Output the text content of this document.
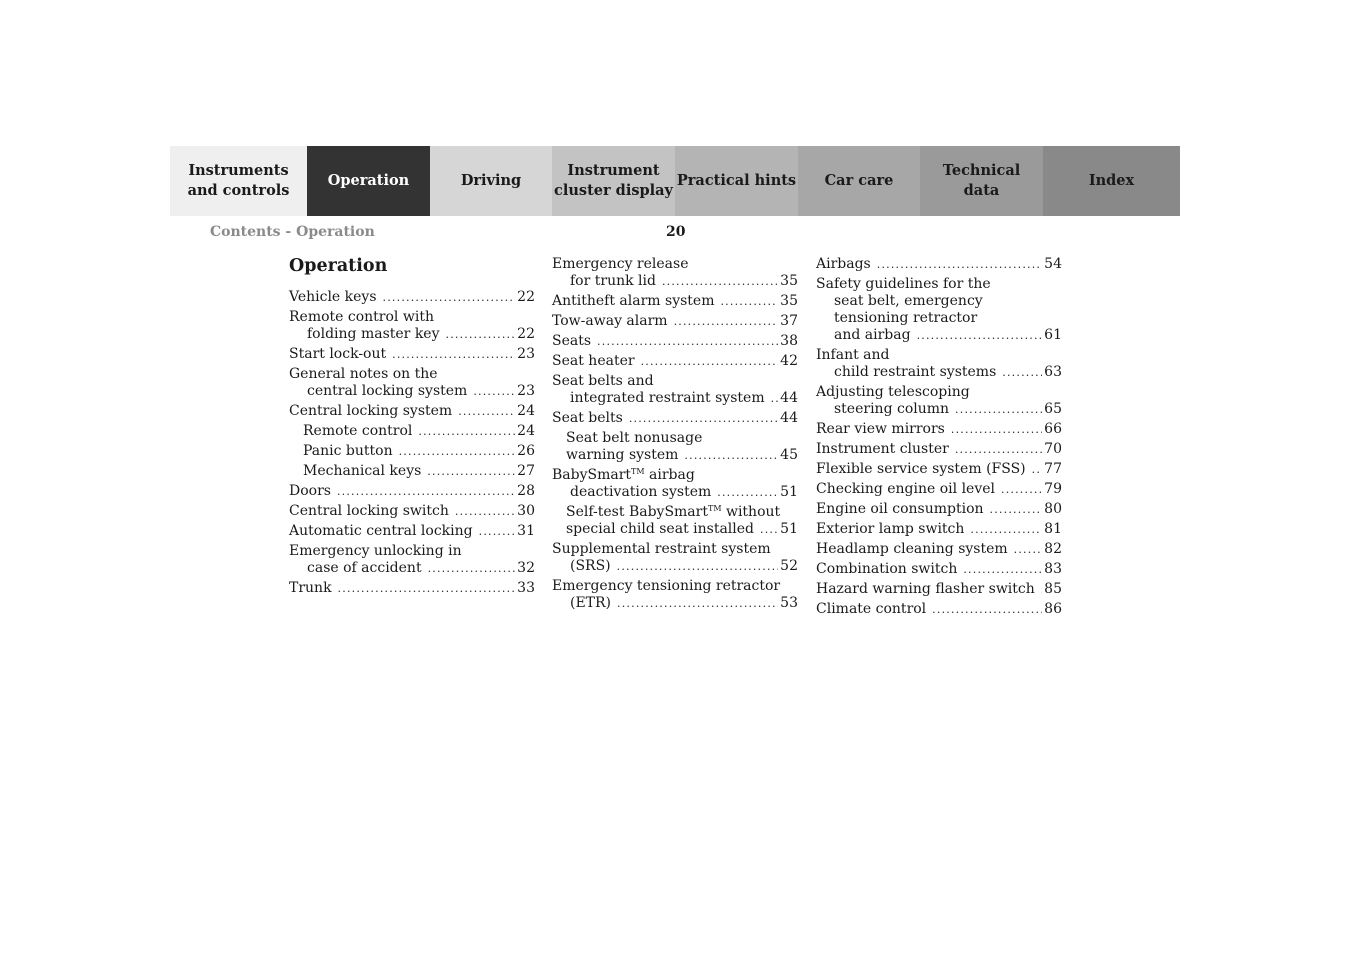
Instruments
and controls
Operation	Driving
Instrument
cluster display
Practical hints Car care
Technical
data
Index
Contents - Operation	20
Operation
Vehicle keys .....	22
Remote control with
folding master key .....	22
Start lock-out .....	23
General notes on the
central locking system .....	23
Central locking system .....	24
Remote control .....	24
Panic button .....	26
Mechanical keys .....	27
Doors .....	28
Central locking switch .....	30
Automatic central locking .....	31
Emergency unlocking in
case of accident .....	32
Trunk .....	33
Emergency release
for trunk lid .....	35
Antitheft alarm system .....	35
Tow-away alarm .....	37
Seats .....	38
Seat heater .....	42
Seat belts and
integrated restraint system ..... 44
Seat belts .....	44
Seat belt nonusage
warning system .....	45
BabySmart™ airbag
deactivation system .....	51
Self-test BabySmart™ without
special child seat installed ..... 51
Supplemental restraint system
(SRS) .....	52
Emergency tensioning retractor
(ETR) .....	53
Airbags .....	54
Safety guidelines for the
seat belt, emergency
tensioning retractor
and airbag .....	61
Infant and
child restraint systems .....	63
Adjusting telescoping
steering column .....	65
Rear view mirrors .....	66
Instrument cluster .....	70
Flexible service system (FSS) ..... 77
Checking engine oil level .....	79
Engine oil consumption .....	80
Exterior lamp switch .....	81
Headlamp cleaning system .....	82
Combination switch .....	83
Hazard warning flasher switch ..... 85
Climate control .....	86
